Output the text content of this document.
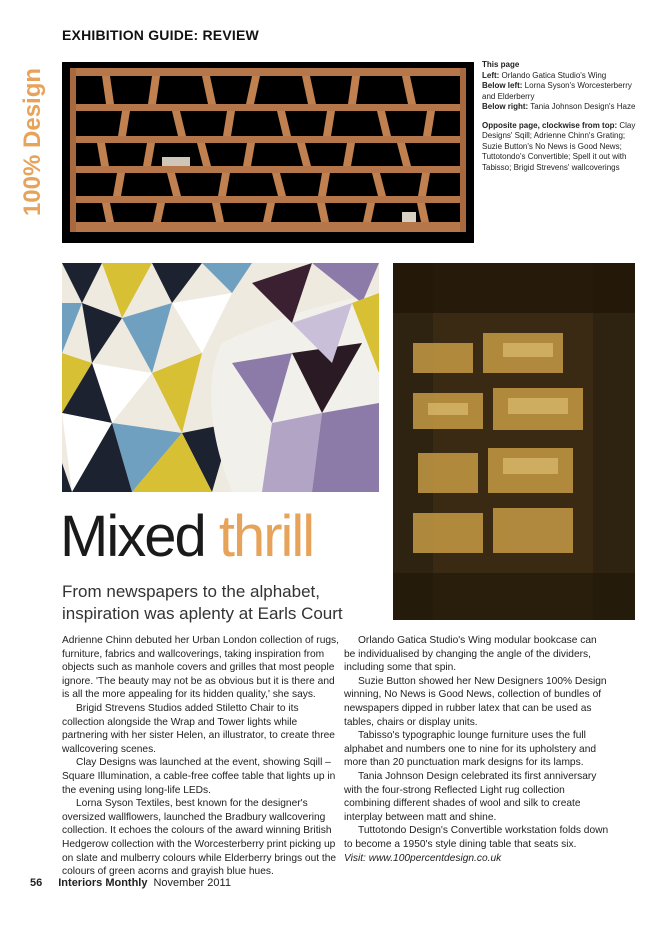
EXHIBITION GUIDE: REVIEW
100% Design

This page
Left: Orlando Gatica Studio's Wing
Below left: Lorna Syson's Worcesterberry and Elderberry
Below right: Tania Johnson Design's Haze

Opposite page, clockwise from top: Clay Designs' Sqill; Adrienne Chinn's Grating; Suzie Button's No News is Good News; Tuttotondo's Convertible; Spell it out with Tabisso; Brigid Strevens' wallcoverings

Mixed thrill
From newspapers to the alphabet, inspiration was aplenty at Earls Court

Adrienne Chinn debuted her Urban London collection of rugs, furniture, fabrics and wallcoverings, taking inspiration from objects such as manhole covers and grilles that most people ignore. 'The beauty may not be as obvious but it is there and is all the more appealing for its hidden quality,' she says.

Brigid Strevens Studios added Stiletto Chair to its collection alongside the Wrap and Tower lights while partnering with her sister Helen, an illustrator, to create three wallcovering scenes.

Clay Designs was launched at the event, showing Sqill – Square Illumination, a cable-free coffee table that lights up in the evening using long-life LEDs.

Lorna Syson Textiles, best known for the designer's oversized wallflowers, launched the Bradbury wallcovering collection. It echoes the colours of the award winning British Hedgerow collection with the Worcesterberry print picking up on slate and mulberry colours while Elderberry brings out the colours of green acorns and grayish blue hues.

Orlando Gatica Studio's Wing modular bookcase can be individualised by changing the angle of the dividers, including some that spin.

Suzie Button showed her New Designers 100% Design winning, No News is Good News, collection of bundles of newspapers dipped in rubber latex that can be used as tables, chairs or display units.

Tabisso's typographic lounge furniture uses the full alphabet and numbers one to nine for its upholstery and more than 20 punctuation mark designs for its lamps.

Tania Johnson Design celebrated its first anniversary with the four-strong Reflected Light rug collection combining different shades of wool and silk to create interplay between matt and shine.

Tuttotondo Design's Convertible workstation folds down to become a 1950's style dining table that seats six.

Visit: www.100percentdesign.co.uk

56 Interiors Monthly November 2011
